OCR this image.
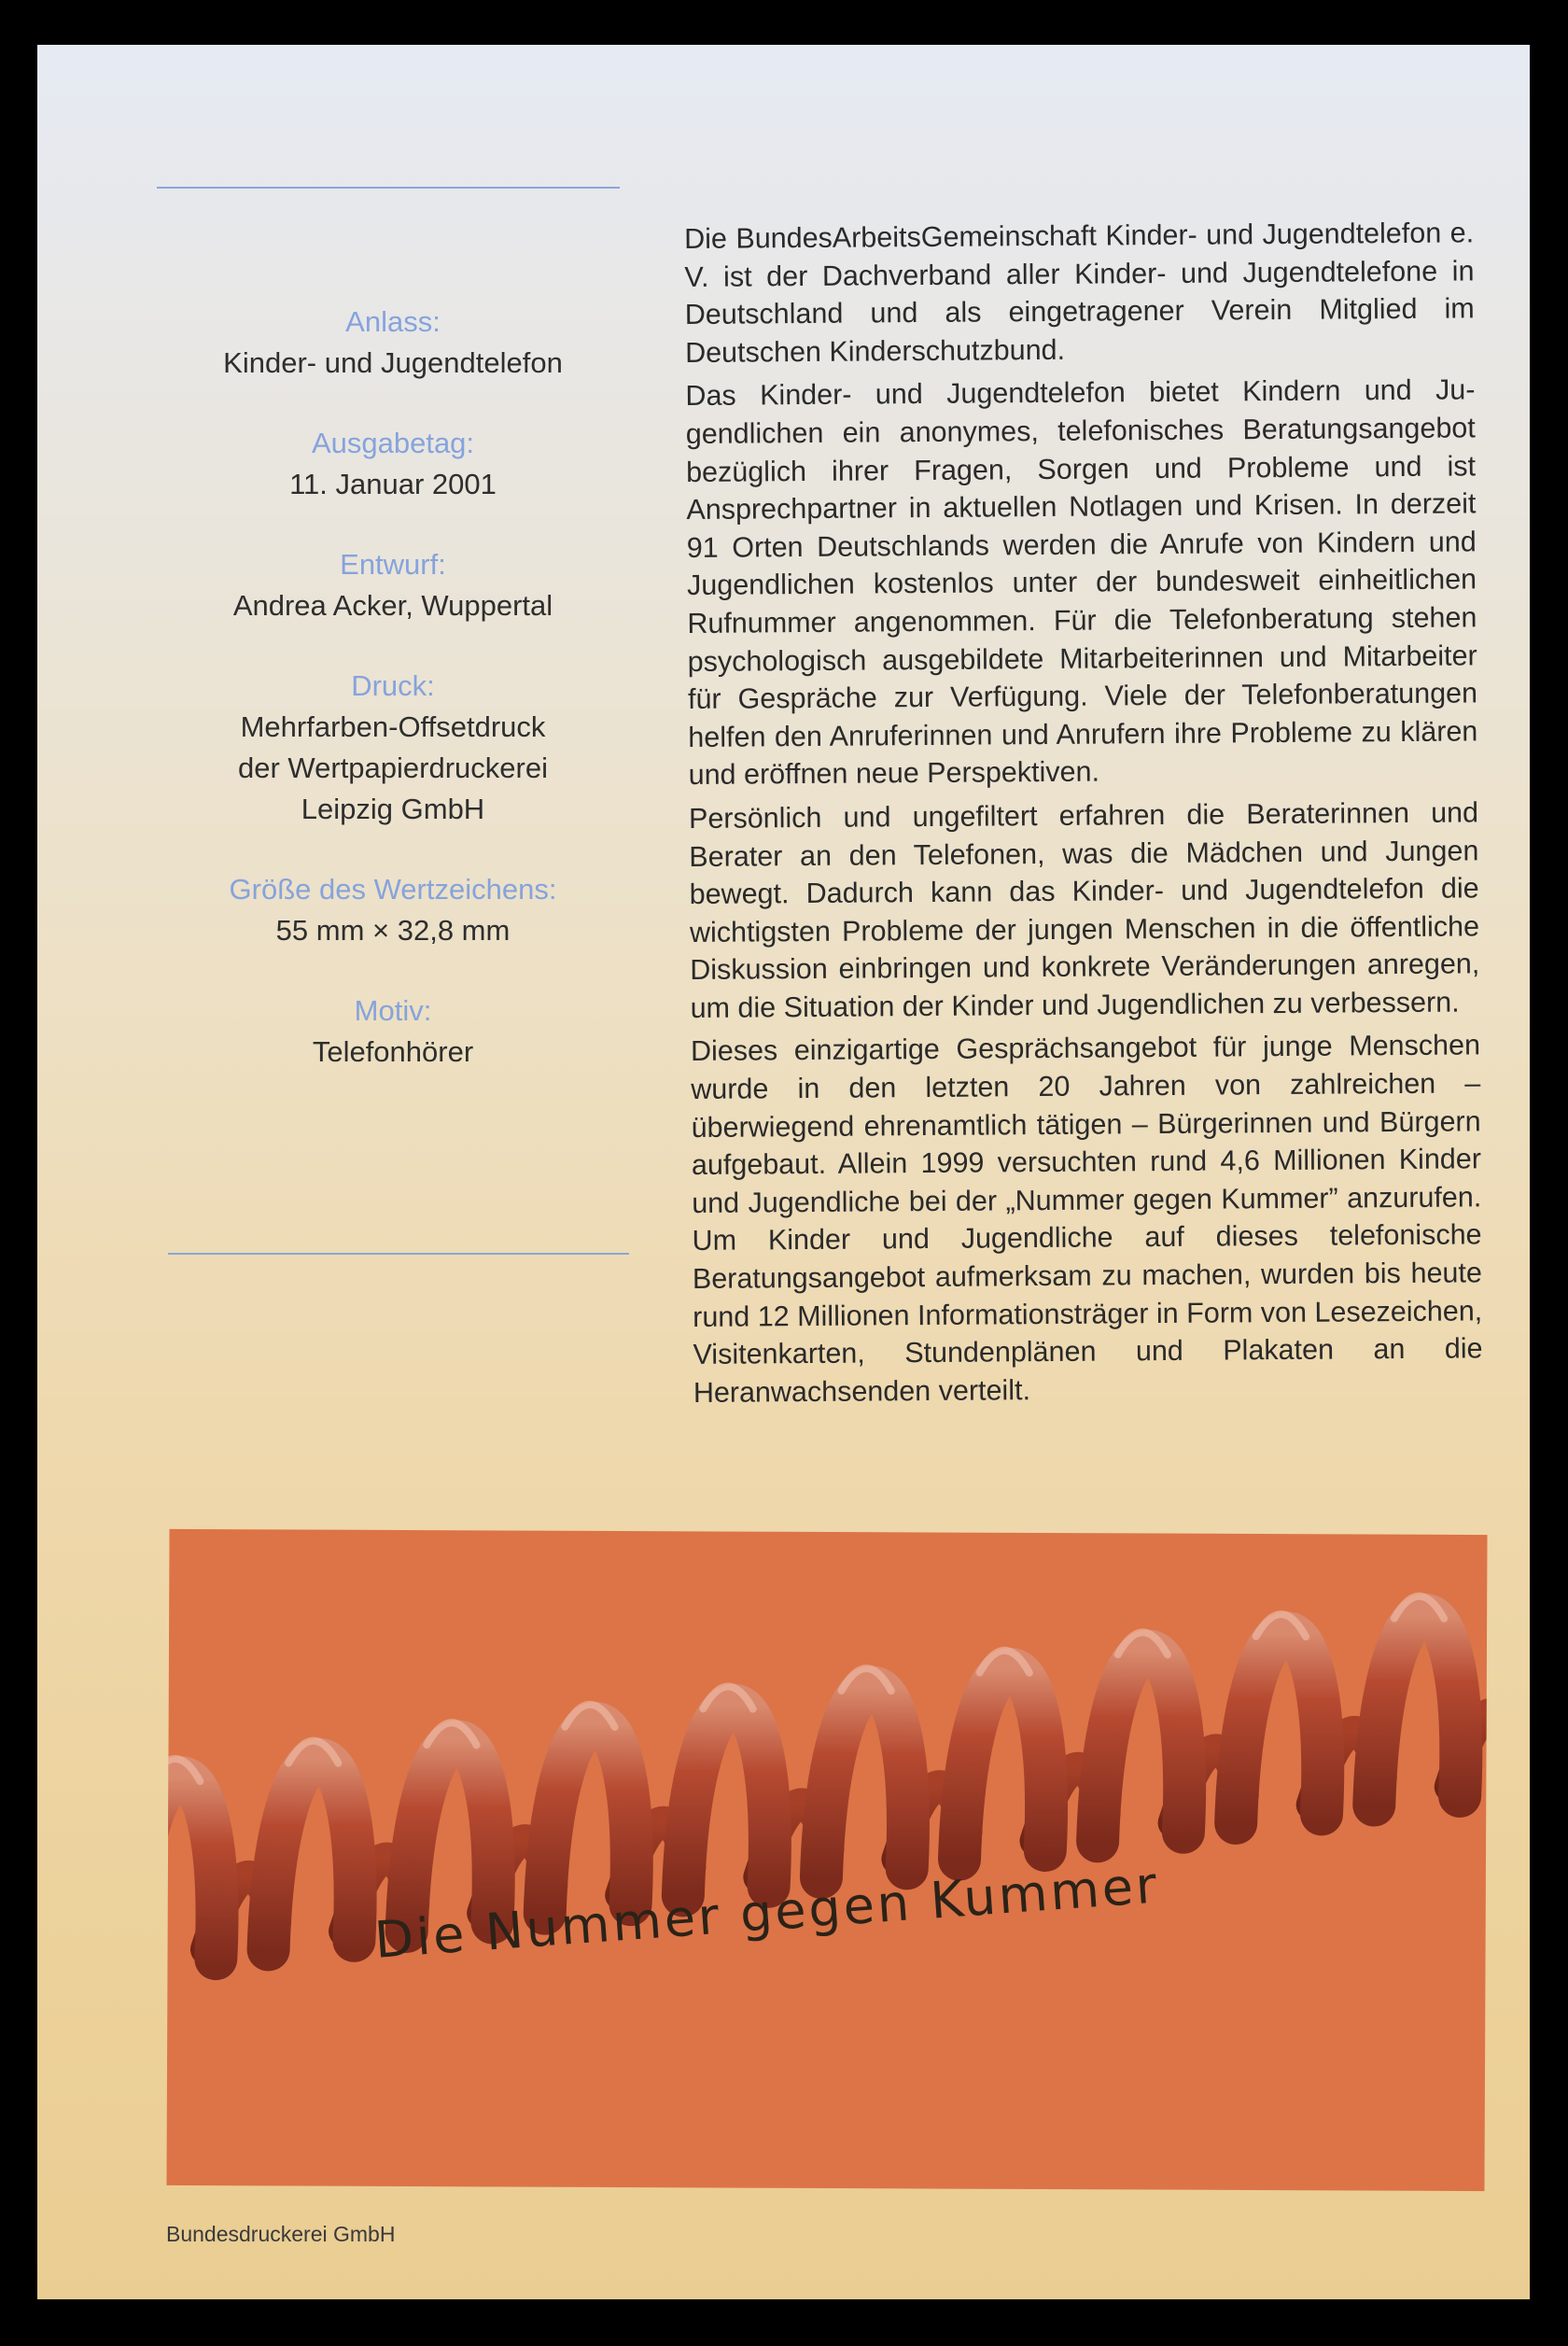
Anlass:
Kinder- und Jugendtelefon
Ausgabetag:
11. Januar 2001
Entwurf:
Andrea Acker, Wuppertal
Druck:
Mehrfarben-Offsetdruck
der Wertpapierdruckerei
Leipzig GmbH
Größe des Wertzeichens:
55 mm × 32,8 mm
Motiv:
Telefonhörer

Die BundesArbeitsGemeinschaft Kinder- und Jugendtelefon e. V. ist der Dachverband aller Kinder- und Jugendtelefone in Deutschland und als eingetragener Verein Mitglied im Deutschen Kinderschutzbund.

Das Kinder- und Jugendtelefon bietet Kindern und Jugendlichen ein anonymes, telefonisches Beratungsangebot bezüglich ihrer Fragen, Sorgen und Probleme und ist Ansprechpartner in aktuellen Notlagen und Krisen. In derzeit 91 Orten Deutschlands werden die Anrufe von Kindern und Jugendlichen kostenlos unter der bundesweit einheitlichen Rufnummer angenommen. Für die Telefonberatung stehen psychologisch ausgebildete Mitarbeiterinnen und Mitarbeiter für Gespräche zur Verfügung. Viele der Telefonberatungen helfen den Anruferinnen und Anrufern ihre Probleme zu klären und eröffnen neue Perspektiven.

Persönlich und ungefiltert erfahren die Beraterinnen und Berater an den Telefonen, was die Mädchen und Jungen bewegt. Dadurch kann das Kinder- und Jugendtelefon die wichtigsten Probleme der jungen Menschen in die öffentliche Diskussion einbringen und konkrete Veränderungen anregen, um die Situation der Kinder und Jugendlichen zu verbessern.

Dieses einzigartige Gesprächsangebot für junge Menschen wurde in den letzten 20 Jahren von zahlreichen – überwiegend ehrenamtlich tätigen – Bürgerinnen und Bürgern aufgebaut. Allein 1999 versuchten rund 4,6 Millionen Kinder und Jugendliche bei der „Nummer gegen Kummer” anzurufen. Um Kinder und Jugendliche auf dieses telefonische Beratungsangebot aufmerksam zu machen, wurden bis heute rund 12 Millionen Informationsträger in Form von Lesezeichen, Visitenkarten, Stundenplänen und Plakaten an die Heranwachsenden verteilt.

Die Nummer gegen Kummer
Bundesdruckerei GmbH
